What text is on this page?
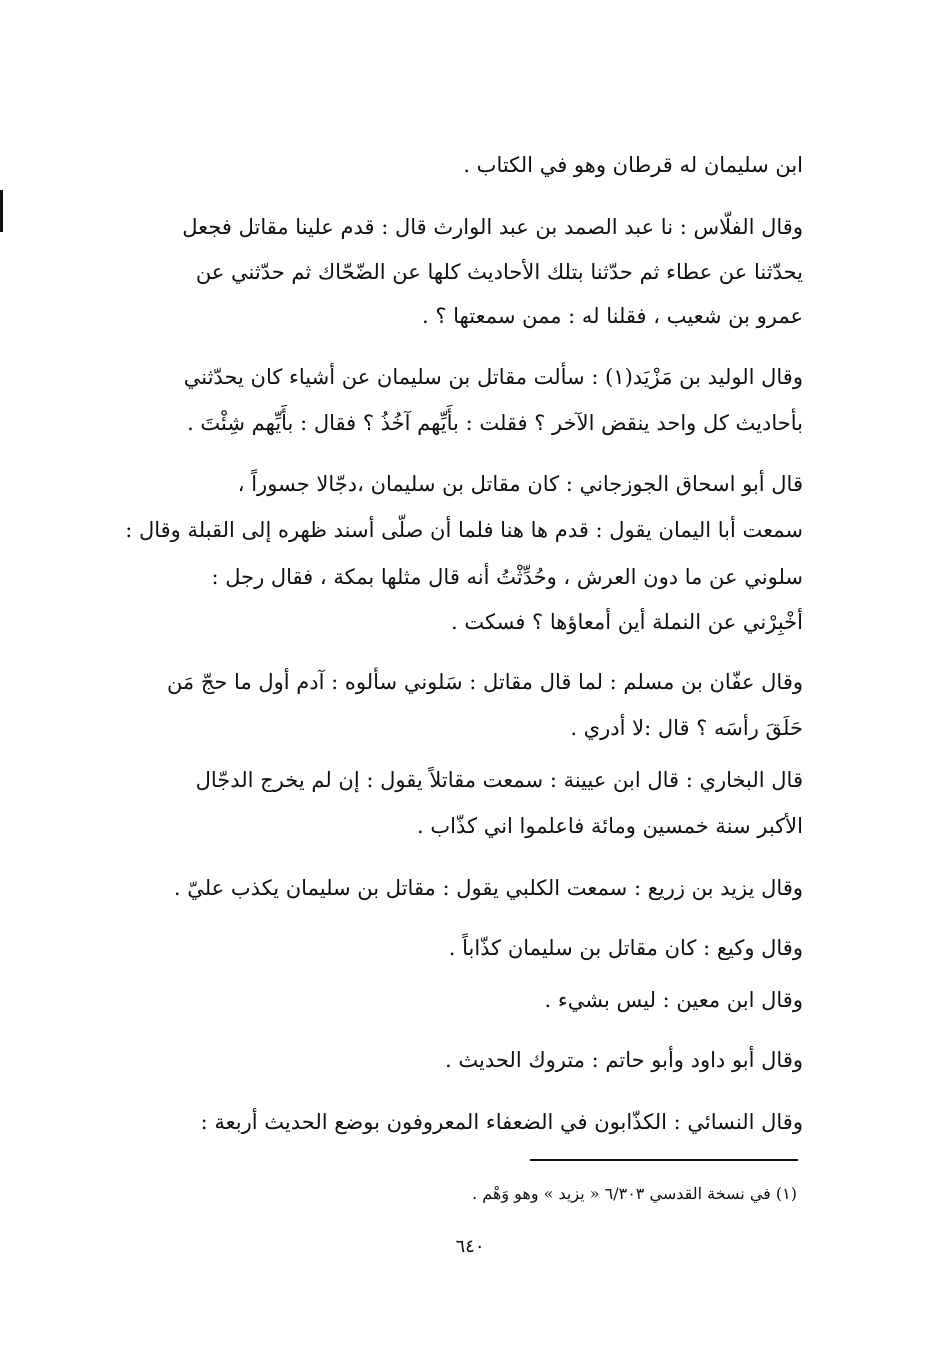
ابن سليمان له قرطان وهو في الكتاب .
وقال الفلّاس : نا عبد الصمد بن عبد الوارث قال : قدم علينا مقاتل فجعل
يحدّثنا عن عطاء ثم حدّثنا بتلك الأحاديث كلها عن الضّحّاك ثم حدّثني عن
عمرو بن شعيب ، فقلنا له : ممن سمعتها ؟ .
وقال الوليد بن مَزْيَد(١) : سألت مقاتل بن سليمان عن أشياء كان يحدّثني
بأحاديث كل واحد ينقض الآخر ؟ فقلت : بأَيِّهم آخُذُ ؟ فقال : بأَيِّهم شِئْتَ .
قال أبو اسحاق الجوزجاني : كان مقاتل بن سليمان ،دجّالا جسوراً ،
سمعت أبا اليمان يقول : قدم ها هنا فلما أن صلّى أسند ظهره إلى القبلة وقال :
سلوني عن ما دون العرش ، وحُدِّثْتُ أنه قال مثلها بمكة ، فقال رجل :
أخْبِرْني عن النملة أين أمعاؤها ؟ فسكت .
وقال عفّان بن مسلم : لما قال مقاتل : سَلوني سألوه : آدم أول ما حجّ مَن
حَلَقَ رأسَه ؟ قال :لا أدري .
قال البخاري : قال ابن عيينة : سمعت مقاتلاً يقول : إن لم يخرج الدجّال
الأكبر سنة خمسين ومائة فاعلموا اني كذّاب .
وقال يزيد بن زريع : سمعت الكلبي يقول : مقاتل بن سليمان يكذب عليّ .
وقال وكيع : كان مقاتل بن سليمان كذّاباً .
وقال ابن معين : ليس بشيء .
وقال أبو داود وأبو حاتم : متروك الحديث .
وقال النسائي : الكذّابون في الضعفاء المعروفون بوضع الحديث أربعة :
(١) في نسخة القدسي ٦/٣٠٣ « يزيد » وهو وَهْم .
٦٤٠
